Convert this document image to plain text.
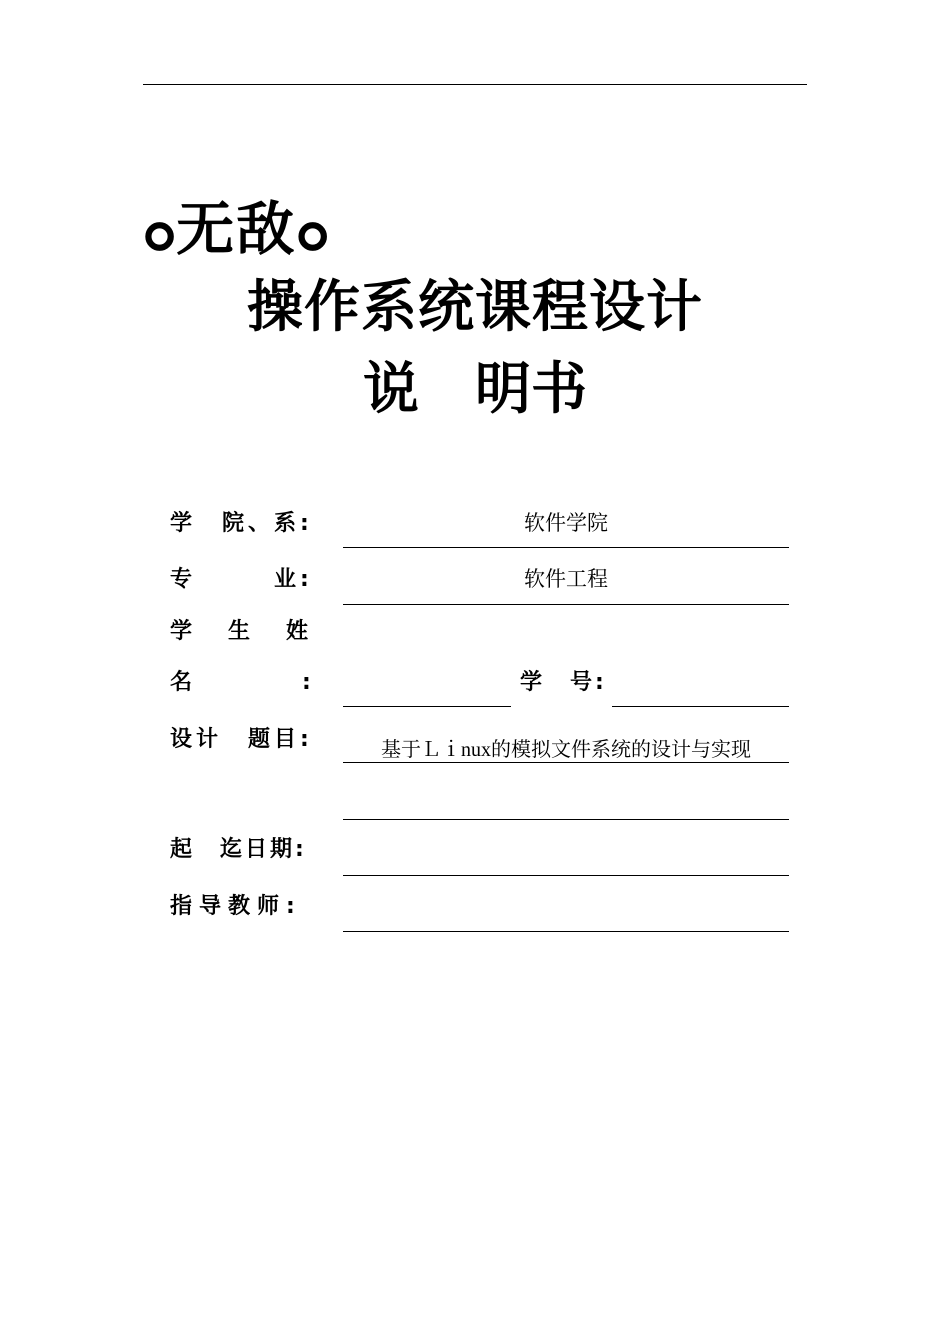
ߋ无敌ߋ
操作系统课程设计
说 明书
学　院、系:	软件学院
专　　　业:	软件工程
学　生　姓
名　　　:	学　号:
设计　题目:	基于Ｌｉnux的模拟文件系统的设计与实现
起　迄日期:
指导教师:
